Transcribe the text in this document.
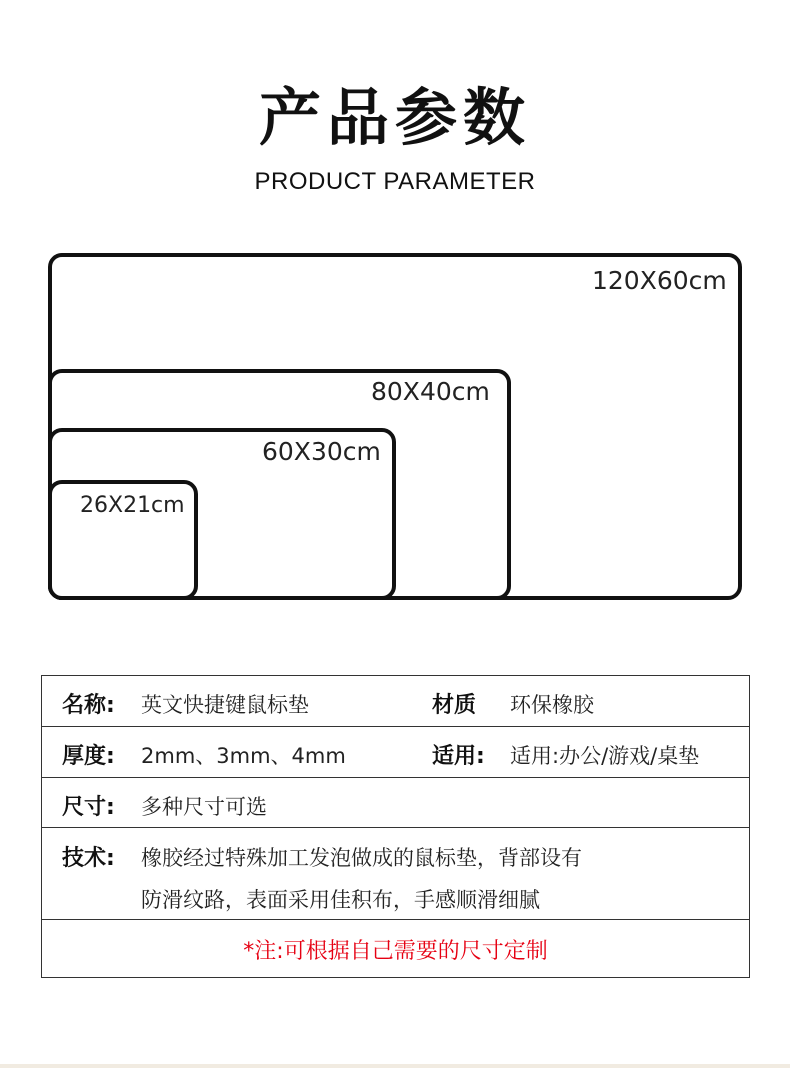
产品参数
PRODUCT PARAMETER
120X60cm
80X40cm
60X30cm
26X21cm
名称: 英文快捷键鼠标垫	材质 环保橡胶
厚度: 2mm、3mm、4mm	适用: 适用:办公/游戏/桌垫
尺寸: 多种尺寸可选
技术: 橡胶经过特殊加工发泡做成的鼠标垫，背部设有
防滑纹路，表面采用佳积布，手感顺滑细腻
*注:可根据自己需要的尺寸定制
